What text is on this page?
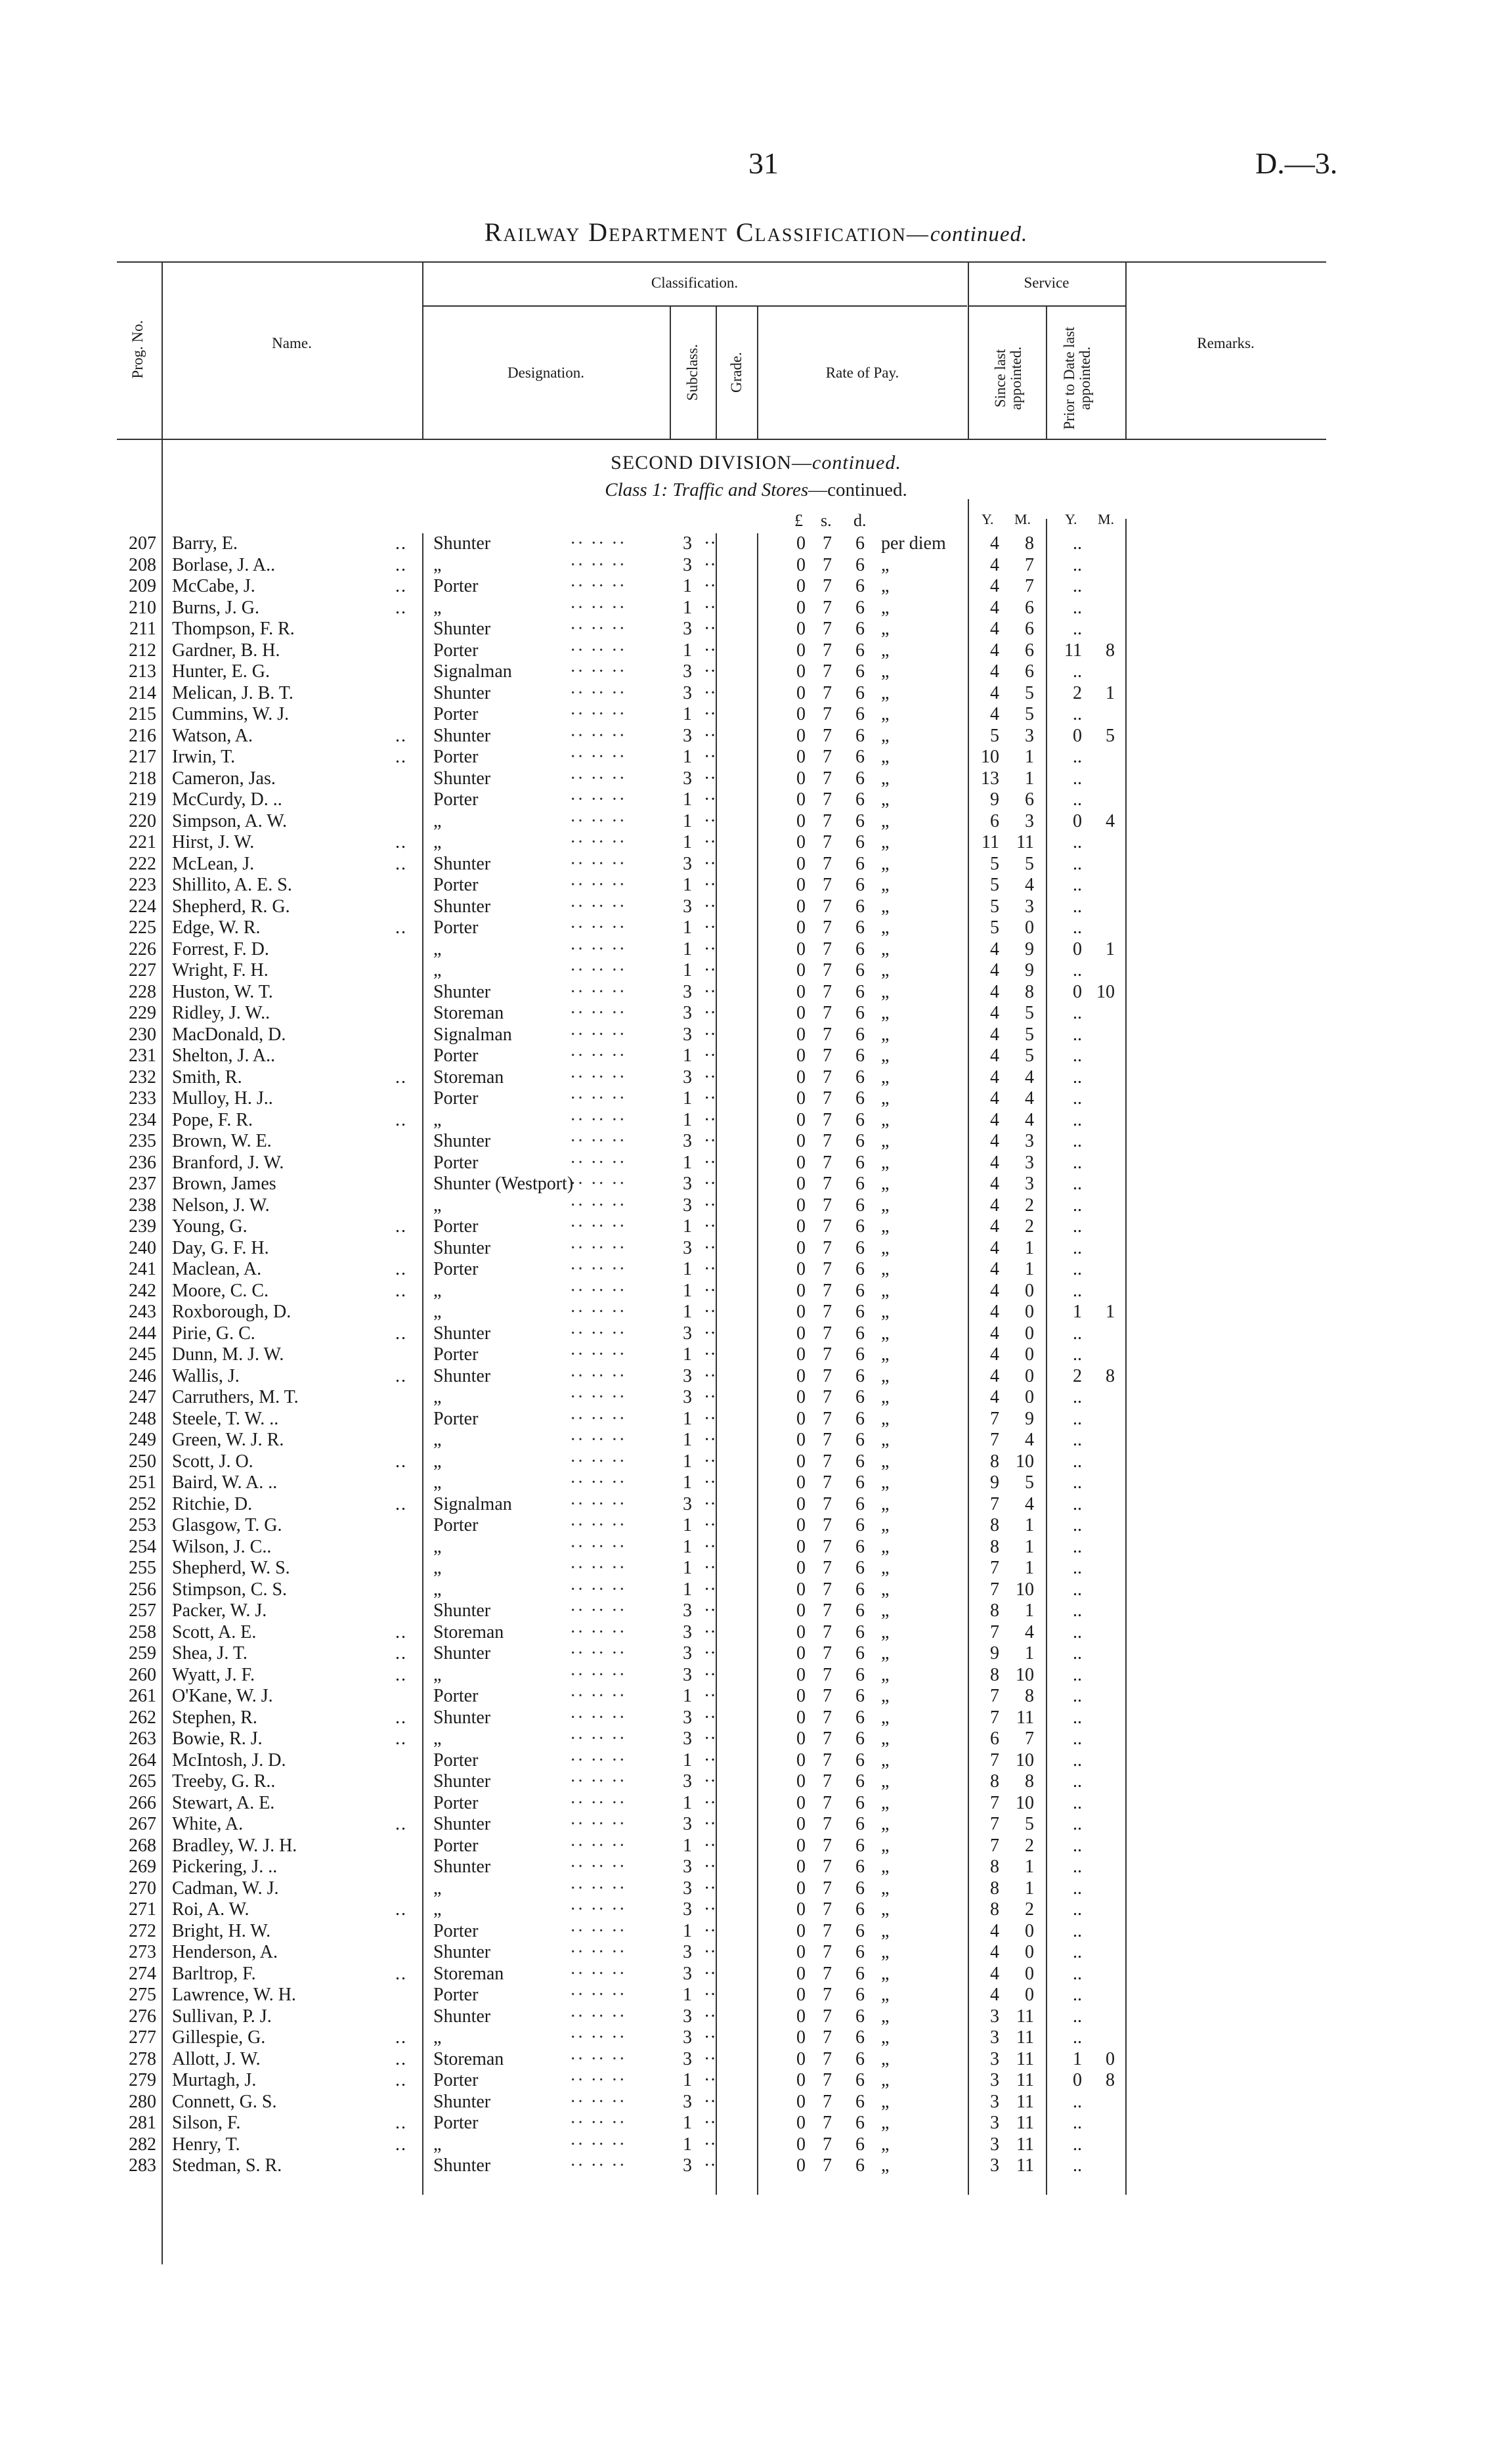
31	D.—3.
Railway Department Classification—continued.
Prog. No.	Name.
Classification.
Designation.	Subclass. Grade.	Rate of Pay.
Service
Since last appointed.	Prior to Date last appointed.
Remarks.
SECOND DIVISION—continued.
Class 1: Traffic and Stores—continued.
£ s. d.	Y. M. Y. M.
207 Barry, E.	.. Shunter	3	0 7 6 per diem	4	8	..
·· ·· ··	··
208 Borlase, J. A..	.. „	3	0 7 6 „	4	7	..
·· ·· ··	··
209 McCabe, J.	.. Porter	1	0 7 6 „	4	7	..
·· ·· ··	··
210 Burns, J. G.	.. „	1	0 7 6 „	4	6	..
·· ·· ··	··
211 Thompson, F. R.	Shunter	3	0 7 6 „	4	6	..
·· ·· ··	··
212 Gardner, B. H.	Porter	1	0 7 6 „	4	6	11	8
·· ·· ··	··
213 Hunter, E. G.	Signalman	3	0 7 6 „	4	6	..
·· ·· ··	··
214 Melican, J. B. T.	Shunter	3	0 7 6 „	4	5	2	1
·· ·· ··	··
215 Cummins, W. J.	Porter	1	0 7 6 „	4	5	..
·· ·· ··	··
216 Watson, A.	.. Shunter	3	0 7 6 „	5	3	0	5
·· ·· ··	··
217 Irwin, T.	.. Porter	1	0 7 6 „	10	1	..
·· ·· ··	··
218 Cameron, Jas.	Shunter	3	0 7 6 „	13	1	..
·· ·· ··	··
219 McCurdy, D. ..	Porter	1	0 7 6 „	9	6	..
·· ·· ··	··
220 Simpson, A. W.	„	1	0 7 6 „	6	3	0	4
·· ·· ··	··
221 Hirst, J. W.	.. „	1	0 7 6 „	11 11	..
·· ·· ··	··
222 McLean, J.	.. Shunter	3	0 7 6 „	5	5	..
·· ·· ··	··
223 Shillito, A. E. S.	Porter	1	0 7 6 „	5	4	..
·· ·· ··	··
224 Shepherd, R. G.	Shunter	3	0 7 6 „	5	3	..
·· ·· ··	··
225 Edge, W. R.	.. Porter	1	0 7 6 „	5	0	..
·· ·· ··	··
226 Forrest, F. D.	„	1	0 7 6 „	4	9	0	1
·· ·· ··	··
227 Wright, F. H.	„	1	0 7 6 „	4	9	..
·· ·· ··	··
228 Huston, W. T.	Shunter	3	0 7 6 „	4	8	0 10
·· ·· ··	··
229 Ridley, J. W..	Storeman	3	0 7 6 „	4	5	..
·· ·· ··	··
230 MacDonald, D.	Signalman	3	0 7 6 „	4	5	..
·· ·· ··	··
231 Shelton, J. A..	Porter	1	0 7 6 „	4	5	..
·· ·· ··	··
232 Smith, R.	.. Storeman	3	0 7 6 „	4	4	..
·· ·· ··	··
233 Mulloy, H. J..	Porter	1	0 7 6 „	4	4	..
·· ·· ··	··
234 Pope, F. R.	.. „	1	0 7 6 „	4	4	..
·· ·· ··	··
235 Brown, W. E.	Shunter	3	0 7 6 „	4	3	..
·· ·· ··	··
236 Branford, J. W.	Porter	1	0 7 6 „	4	3	..
·· ·· ··	··
237 Brown, James	Shunter (Westport)	3	0 7 6 „	4	3	..
·· ·· ··	··
238 Nelson, J. W.	„	3	0 7 6 „	4	2	..
·· ·· ··	··
239 Young, G.	.. Porter	1	0 7 6 „	4	2	..
·· ·· ··	··
240 Day, G. F. H.	Shunter	3	0 7 6 „	4	1	..
·· ·· ··	··
241 Maclean, A.	.. Porter	1	0 7 6 „	4	1	..
·· ·· ··	··
242 Moore, C. C.	.. „	1	0 7 6 „	4	0	..
·· ·· ··	··
243 Roxborough, D.	„	1	0 7 6 „	4	0	1	1
·· ·· ··	··
244 Pirie, G. C.	.. Shunter	3	0 7 6 „	4	0	..
·· ·· ··	··
245 Dunn, M. J. W.	Porter	1	0 7 6 „	4	0	..
·· ·· ··	··
246 Wallis, J.	.. Shunter	3	0 7 6 „	4	0	2	8
·· ·· ··	··
247 Carruthers, M. T.	„	3	0 7 6 „	4	0	..
·· ·· ··	··
248 Steele, T. W. ..	Porter	1	0 7 6 „	7	9	..
·· ·· ··	··
249 Green, W. J. R.	„	1	0 7 6 „	7	4	..
·· ·· ··	··
250 Scott, J. O.	.. „	1	0 7 6 „	8 10	..
·· ·· ··	··
251 Baird, W. A. ..	„	1	0 7 6 „	9	5	..
·· ·· ··	··
252 Ritchie, D.	.. Signalman	3	0 7 6 „	7	4	..
·· ·· ··	··
253 Glasgow, T. G.	Porter	1	0 7 6 „	8	1	..
·· ·· ··	··
254 Wilson, J. C..	„	1	0 7 6 „	8	1	..
·· ·· ··	··
255 Shepherd, W. S.	„	1	0 7 6 „	7	1	..
·· ·· ··	··
256 Stimpson, C. S.	„	1	0 7 6 „	7 10	..
·· ·· ··	··
257 Packer, W. J.	Shunter	3	0 7 6 „	8	1	..
·· ·· ··	··
258 Scott, A. E.	.. Storeman	3	0 7 6 „	7	4	..
·· ·· ··	··
259 Shea, J. T.	.. Shunter	3	0 7 6 „	9	1	..
·· ·· ··	··
260 Wyatt, J. F.	.. „	3	0 7 6 „	8 10	..
·· ·· ··	··
261 O'Kane, W. J.	Porter	1	0 7 6 „	7	8	..
·· ·· ··	··
262 Stephen, R.	.. Shunter	3	0 7 6 „	7 11	..
·· ·· ··	··
263 Bowie, R. J.	.. „	3	0 7 6 „	6	7	..
·· ·· ··	··
264 McIntosh, J. D.	Porter	1	0 7 6 „	7 10	..
·· ·· ··	··
265 Treeby, G. R..	Shunter	3	0 7 6 „	8	8	..
·· ·· ··	··
266 Stewart, A. E.	Porter	1	0 7 6 „	7 10	..
·· ·· ··	··
267 White, A.	.. Shunter	3	0 7 6 „	7	5	..
·· ·· ··	··
268 Bradley, W. J. H.	Porter	1	0 7 6 „	7	2	..
·· ·· ··	··
269 Pickering, J. ..	Shunter	3	0 7 6 „	8	1	..
·· ·· ··	··
270 Cadman, W. J.	„	3	0 7 6 „	8	1	..
·· ·· ··	··
271 Roi, A. W.	.. „	3	0 7 6 „	8	2	..
·· ·· ··	··
272 Bright, H. W.	Porter	1	0 7 6 „	4	0	..
·· ·· ··	··
273 Henderson, A.	Shunter	3	0 7 6 „	4	0	..
·· ·· ··	··
274 Barltrop, F.	.. Storeman	3	0 7 6 „	4	0	..
·· ·· ··	··
275 Lawrence, W. H.	Porter	1	0 7 6 „	4	0	..
·· ·· ··	··
276 Sullivan, P. J.	Shunter	3	0 7 6 „	3 11	..
·· ·· ··	··
277 Gillespie, G.	.. „	3	0 7 6 „	3 11	..
·· ·· ··	··
278 Allott, J. W.	.. Storeman	3	0 7 6 „	3 11	1	0
·· ·· ··	··
279 Murtagh, J.	.. Porter	1	0 7 6 „	3 11	0	8
·· ·· ··	··
280 Connett, G. S.	Shunter	3	0 7 6 „	3 11	..
·· ·· ··	··
281 Silson, F.	.. Porter	1	0 7 6 „	3 11	..
·· ·· ··	··
282 Henry, T.	.. „	1	0 7 6 „	3 11	..
·· ·· ··	··
283 Stedman, S. R.	Shunter	3	0 7 6 „	3 11	..
·· ·· ··	··
